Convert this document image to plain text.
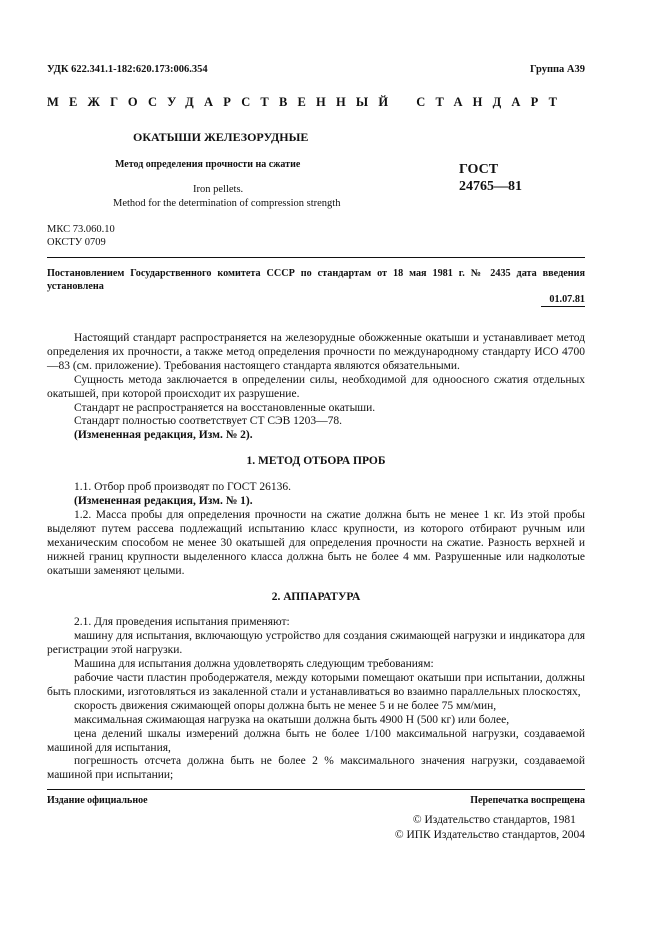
УДК 622.341.1-182:620.173:006.354	Группа А39
МЕЖГОСУДАРСТВЕННЫЙ СТАНДАРТ
ОКАТЫШИ ЖЕЛЕЗОРУДНЫЕ
Метод определения прочности на сжатие
Iron pellets.
Method for the determination of compression strength
ГОСТ
24765—81
МКС 73.060.10
ОКСТУ 0709
Постановлением Государственного комитета СССР по стандартам от 18 мая 1981 г. № 2435 дата введения установлена
01.07.81

Настоящий стандарт распространяется на железорудные обожженные окатыши и устанавливает метод определения их прочности, а также метод определения прочности по международному стандарту ИСО 4700—83 (см. приложение). Требования настоящего стандарта являются обязательными.

Сущность метода заключается в определении силы, необходимой для одноосного сжатия отдельных окатышей, при которой происходит их разрушение.

Стандарт не распространяется на восстановленные окатыши.

Стандарт полностью соответствует СТ СЭВ 1203—78.

(Измененная редакция, Изм. № 2).

1. МЕТОД ОТБОРА ПРОБ

1.1. Отбор проб производят по ГОСТ 26136.

(Измененная редакция, Изм. № 1).

1.2. Масса пробы для определения прочности на сжатие должна быть не менее 1 кг. Из этой пробы выделяют путем рассева подлежащий испытанию класс крупности, из которого отбирают ручным или механическим способом не менее 30 окатышей для определения прочности на сжатие. Разность верхней и нижней границ крупности выделенного класса должна быть не более 4 мм. Разрушенные или надколотые окатыши заменяют целыми.

2. АППАРАТУРА

2.1. Для проведения испытания применяют:

машину для испытания, включающую устройство для создания сжимающей нагрузки и индикатора для регистрации этой нагрузки.

Машина для испытания должна удовлетворять следующим требованиям:

рабочие части пластин прободержателя, между которыми помещают окатыши при испытании, должны быть плоскими, изготовляться из закаленной стали и устанавливаться во взаимно параллельных плоскостях,

скорость движения сжимающей опоры должна быть не менее 5 и не более 75 мм/мин,

максимальная сжимающая нагрузка на окатыши должна быть 4900 Н (500 кг) или более,

цена делений шкалы измерений должна быть не более 1/100 максимальной нагрузки, создаваемой машиной для испытания,

погрешность отсчета должна быть не более 2 % максимального значения нагрузки, создаваемой машиной при испытании;

Издание официальное	Перепечатка воспрещена
© Издательство стандартов, 1981
© ИПК Издательство стандартов, 2004
